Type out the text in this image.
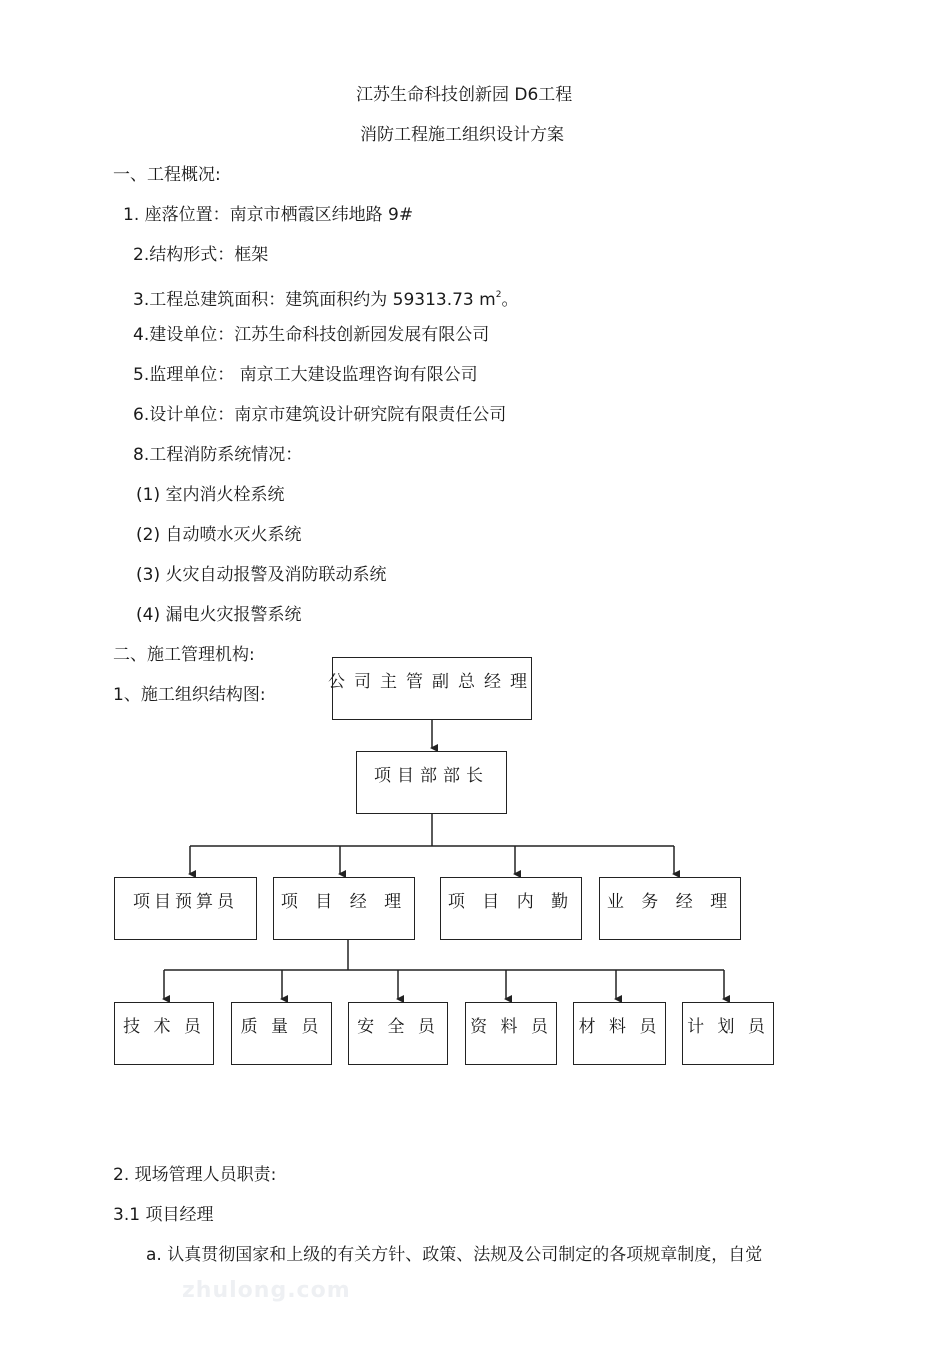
江苏生命科技创新园 D6工程
消防工程施工组织设计方案
一、工程概况:
1. 座落位置：南京市栖霞区纬地路 9#
2.结构形式：框架
3.工程总建筑面积：建筑面积约为 59313.73 $m^2$。
4.建设单位：江苏生命科技创新园发展有限公司
5.监理单位： 南京工大建设监理咨询有限公司
6.设计单位：南京市建筑设计研究院有限责任公司
8.工程消防系统情况：
(1) 室内消火栓系统
(2) 自动喷水灭火系统
(3) 火灾自动报警及消防联动系统
(4) 漏电火灾报警系统
二、施工管理机构:
1、施工组织结构图:
公司主管副总经理
项目部部长
项目预算员	项 目 经 理	项 目 内 勤	业 务 经 理
技 术 员	质 量 员	安 全 员	资 料 员	材 料 员	计 划 员
2. 现场管理人员职责:
3.1 项目经理
a. 认真贯彻国家和上级的有关方针、政策、法规及公司制定的各项规章制度，自觉
zhulong.com
